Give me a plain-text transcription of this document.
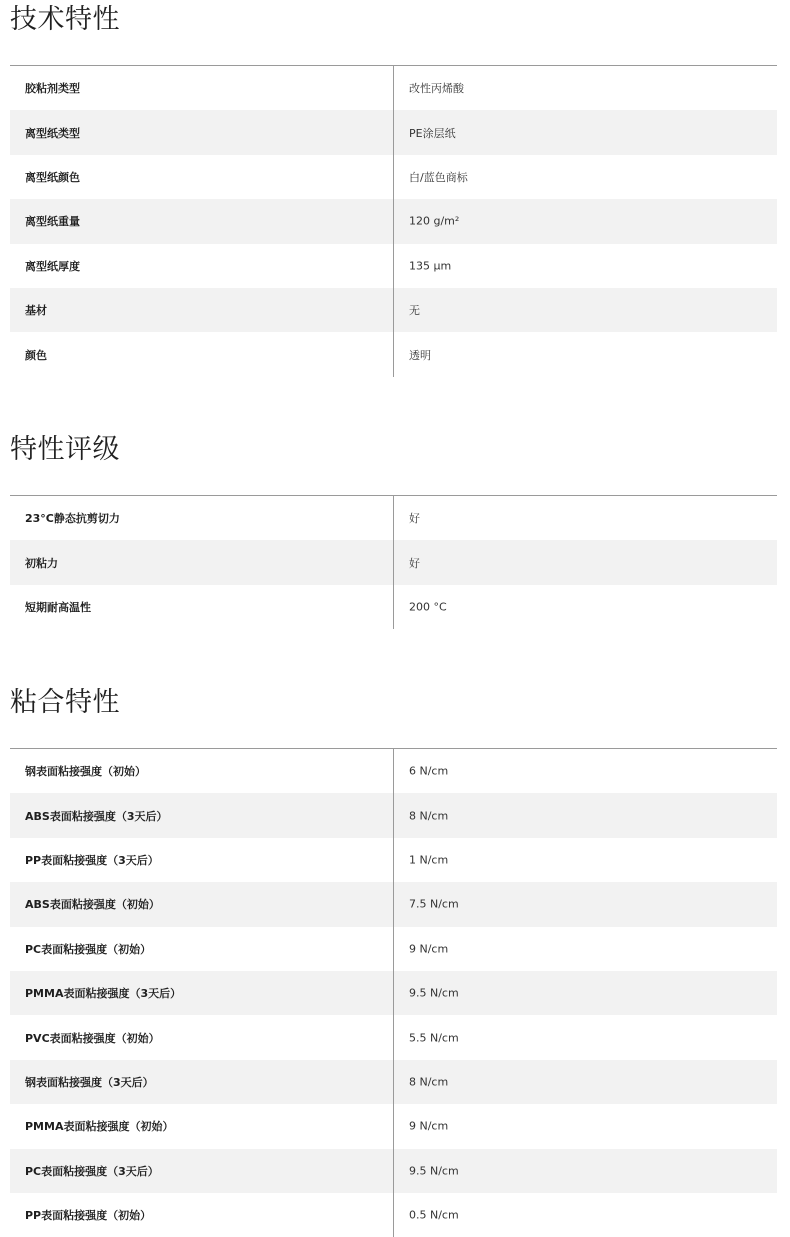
技术特性
胶粘剂类型	改性丙烯酸
离型纸类型	PE涂层纸
离型纸颜色	白/蓝色商标
离型纸重量	120 g/m²
离型纸厚度	135 µm
基材	无
颜色	透明
特性评级
23°C静态抗剪切力	好
初粘力	好
短期耐高温性	200 °C
粘合特性
钢表面粘接强度（初始）	6 N/cm
ABS表面粘接强度（3天后）	8 N/cm
PP表面粘接强度（3天后）	1 N/cm
ABS表面粘接强度（初始）	7.5 N/cm
PC表面粘接强度（初始）	9 N/cm
PMMA表面粘接强度（3天后）	9.5 N/cm
PVC表面粘接强度（初始）	5.5 N/cm
钢表面粘接强度（3天后）	8 N/cm
PMMA表面粘接强度（初始）	9 N/cm
PC表面粘接强度（3天后）	9.5 N/cm
PP表面粘接强度（初始）	0.5 N/cm
